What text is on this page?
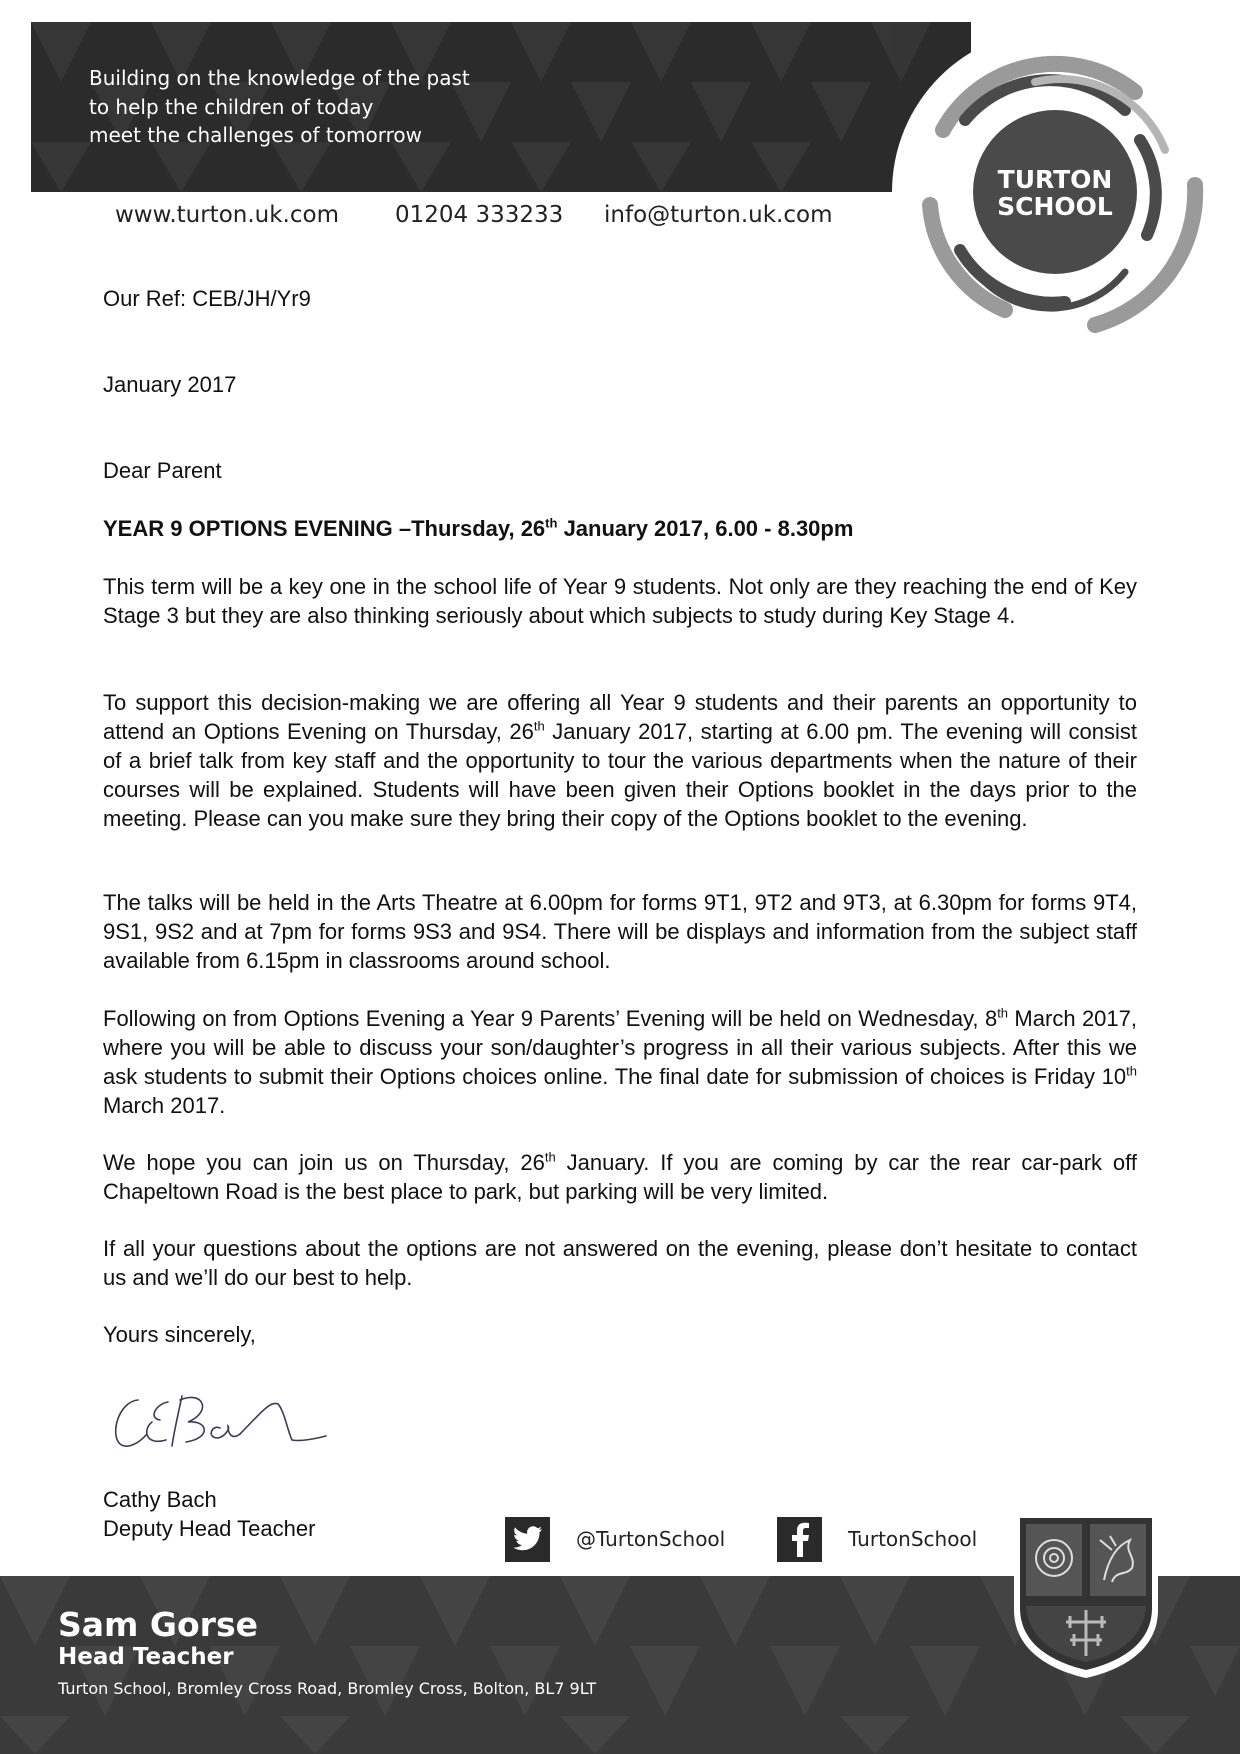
Building on the knowledge of the past
to help the children of today
meet the challenges of tomorrow
www.turton.uk.com 01204 333233 info@turton.uk.com
TURTON
SCHOOL
Our Ref: CEB/JH/Yr9
January 2017
Dear Parent
YEAR 9 OPTIONS EVENING –Thursday, 26th January 2017, 6.00 - 8.30pm

This term will be a key one in the school life of Year 9 students. Not only are they reaching the end of Key Stage 3 but they are also thinking seriously about which subjects to study during Key Stage 4.

To support this decision-making we are offering all Year 9 students and their parents an opportunity to attend an Options Evening on Thursday, 26th January 2017, starting at 6.00 pm. The evening will consist of a brief talk from key staff and the opportunity to tour the various departments when the nature of their courses will be explained. Students will have been given their Options booklet in the days prior to the meeting. Please can you make sure they bring their copy of the Options booklet to the evening.

The talks will be held in the Arts Theatre at 6.00pm for forms 9T1, 9T2 and 9T3, at 6.30pm for forms 9T4, 9S1, 9S2 and at 7pm for forms 9S3 and 9S4. There will be displays and information from the subject staff available from 6.15pm in classrooms around school.

Following on from Options Evening a Year 9 Parents’ Evening will be held on Wednesday, 8th March 2017, where you will be able to discuss your son/daughter’s progress in all their various subjects. After this we ask students to submit their Options choices online. The final date for submission of choices is Friday 10th March 2017.

We hope you can join us on Thursday, 26th January. If you are coming by car the rear car-park off Chapeltown Road is the best place to park, but parking will be very limited.

If all your questions about the options are not answered on the evening, please don’t hesitate to contact us and we’ll do our best to help.

Yours sincerely,
Cathy Bach
Deputy Head Teacher	@TurtonSchool	TurtonSchool
Sam Gorse
Head Teacher
Turton School, Bromley Cross Road, Bromley Cross, Bolton, BL7 9LT
